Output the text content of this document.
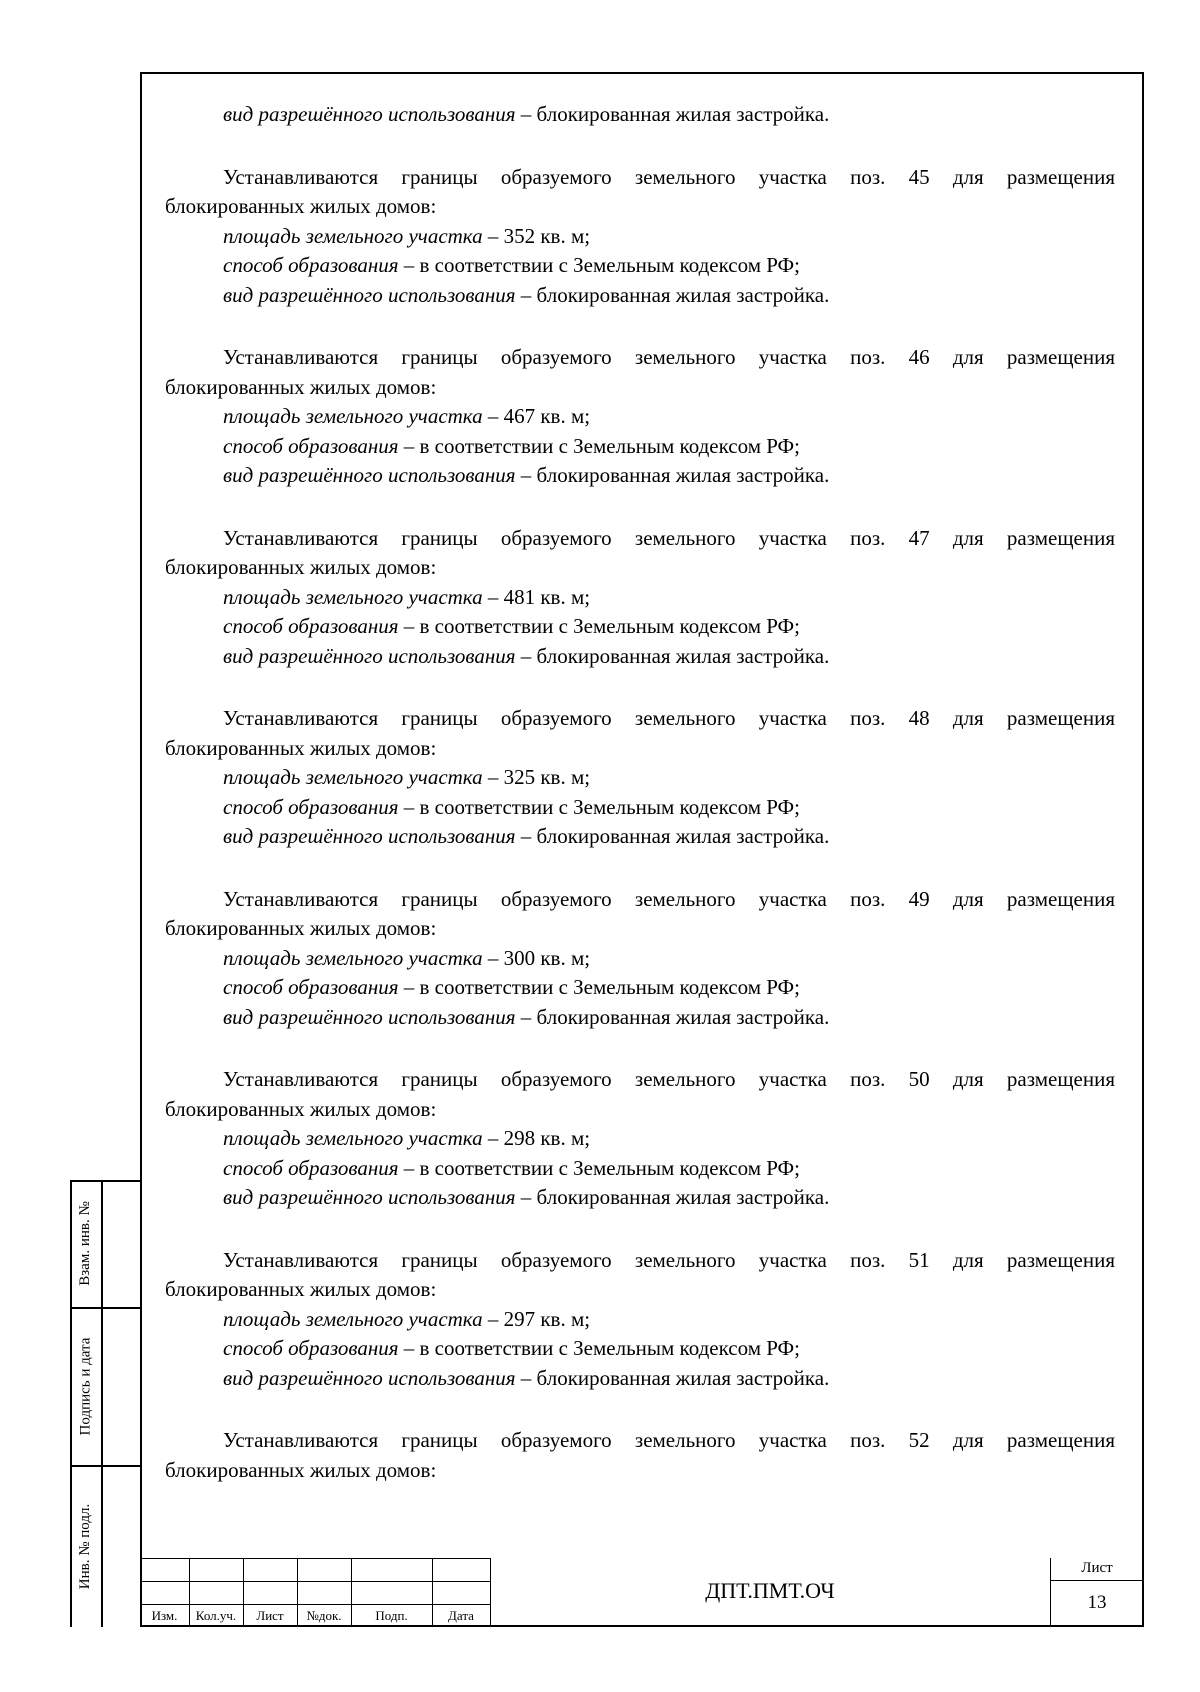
вид разрешённого использования – блокированная жилая застройка.
Устанавливаются границы образуемого земельного участка поз. 45 для размещения
блокированных жилых домов:
площадь земельного участка – 352 кв. м;
способ образования – в соответствии с Земельным кодексом РФ;
вид разрешённого использования – блокированная жилая застройка.
Устанавливаются границы образуемого земельного участка поз. 46 для размещения
блокированных жилых домов:
площадь земельного участка – 467 кв. м;
способ образования – в соответствии с Земельным кодексом РФ;
вид разрешённого использования – блокированная жилая застройка.
Устанавливаются границы образуемого земельного участка поз. 47 для размещения
блокированных жилых домов:
площадь земельного участка – 481 кв. м;
способ образования – в соответствии с Земельным кодексом РФ;
вид разрешённого использования – блокированная жилая застройка.
Устанавливаются границы образуемого земельного участка поз. 48 для размещения
блокированных жилых домов:
площадь земельного участка – 325 кв. м;
способ образования – в соответствии с Земельным кодексом РФ;
вид разрешённого использования – блокированная жилая застройка.
Устанавливаются границы образуемого земельного участка поз. 49 для размещения
блокированных жилых домов:
площадь земельного участка – 300 кв. м;
способ образования – в соответствии с Земельным кодексом РФ;
вид разрешённого использования – блокированная жилая застройка.
Устанавливаются границы образуемого земельного участка поз. 50 для размещения
блокированных жилых домов:
площадь земельного участка – 298 кв. м;
способ образования – в соответствии с Земельным кодексом РФ;
вид разрешённого использования – блокированная жилая застройка.
Устанавливаются границы образуемого земельного участка поз. 51 для размещения
блокированных жилых домов:
площадь земельного участка – 297 кв. м;
способ образования – в соответствии с Земельным кодексом РФ;
вид разрешённого использования – блокированная жилая застройка.
Устанавливаются границы образуемого земельного участка поз. 52 для размещения
блокированных жилых домов:
Взам. инв. №
Подпись и дата
Инв. № подл.
Изм.	Кол.уч.	Лист	№док.	Подп.	Дата
ДПТ.ПМТ.ОЧ
Лист
13
